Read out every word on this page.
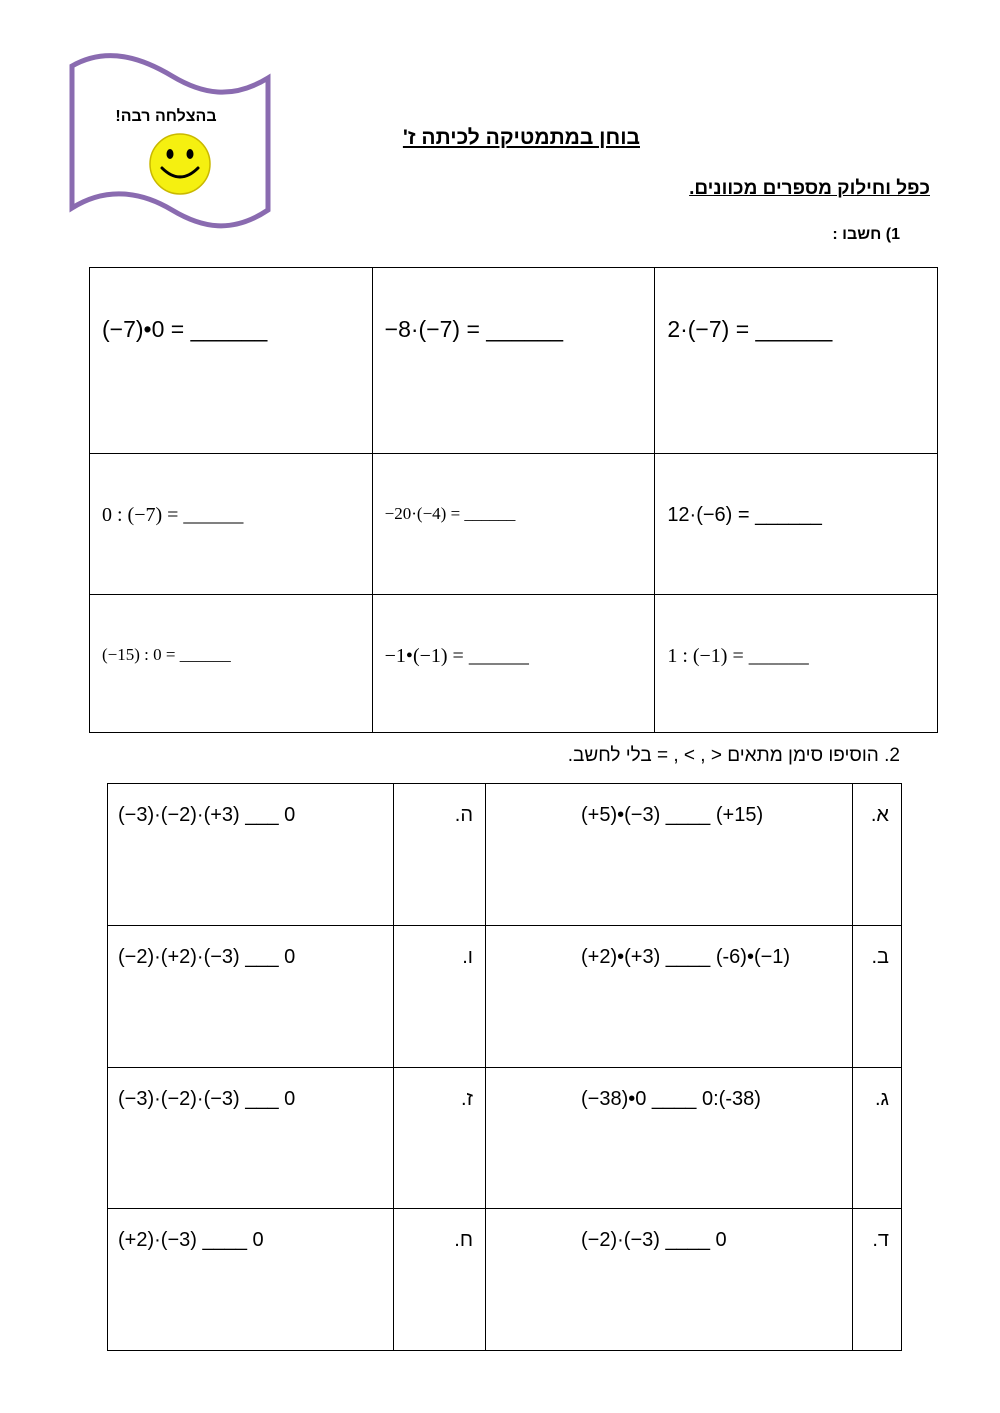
בהצלחה רבה!
בוחן במתמטיקה לכיתה ז'
כפל וחילוק מספרים מכוונים.
1) חשבו :
(−7)•0 = ______	−8·(−7) = ______	2·(−7) = ______

0 : (−7) = ______	−20·(−4) = ______	12·(−6) = ______

(−15) : 0 = ______	−1•(−1) = ______	1 : (−1) = ______
2. הוסיפו סימן מתאים < , > , = בלי לחשב.
(−3)·(−2)·(+3) ___ 0	ה.	(+5)•(−3) ____ (+15)	א.

(−2)·(+2)·(−3) ___ 0	ו.	(+2)•(+3) ____ (-6)•(−1)	ב.

(−3)·(−2)·(−3) ___ 0	ז.	(−38)•0 ____ 0:(-38)	ג.

(+2)·(−3) ____ 0	ח.	(−2)·(−3) ____ 0	ד.
